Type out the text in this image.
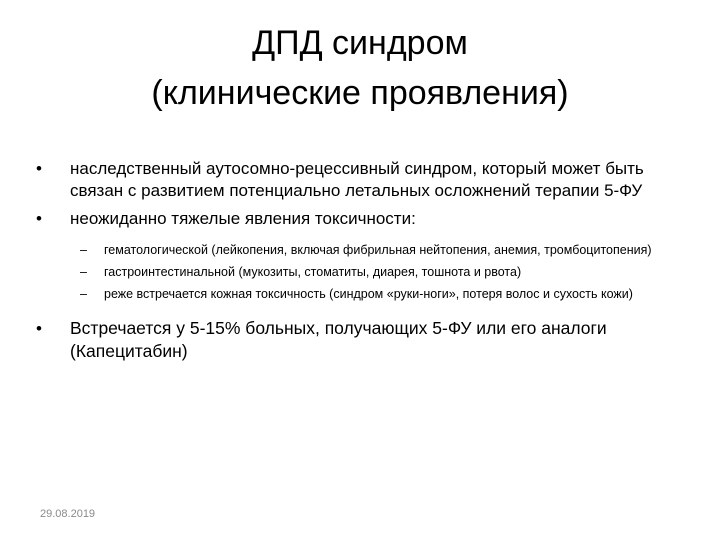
ДПД синдром
(клинические проявления)
•	наследственный аутосомно-рецессивный синдром, который может быть связан с развитием потенциально летальных осложнений терапии 5-ФУ
•	неожиданно тяжелые явления токсичности:
– гематологической (лейкопения, включая фибрильная нейтопения, анемия, тромбоцитопения)
– гастроинтестинальной (мукозиты, стоматиты, диарея, тошнота и рвота)
– реже встречается кожная токсичность (синдром «руки-ноги», потеря волос и сухость кожи)
•	Встречается у 5-15% больных, получающих 5-ФУ или его аналоги (Капецитабин)
29.08.2019
